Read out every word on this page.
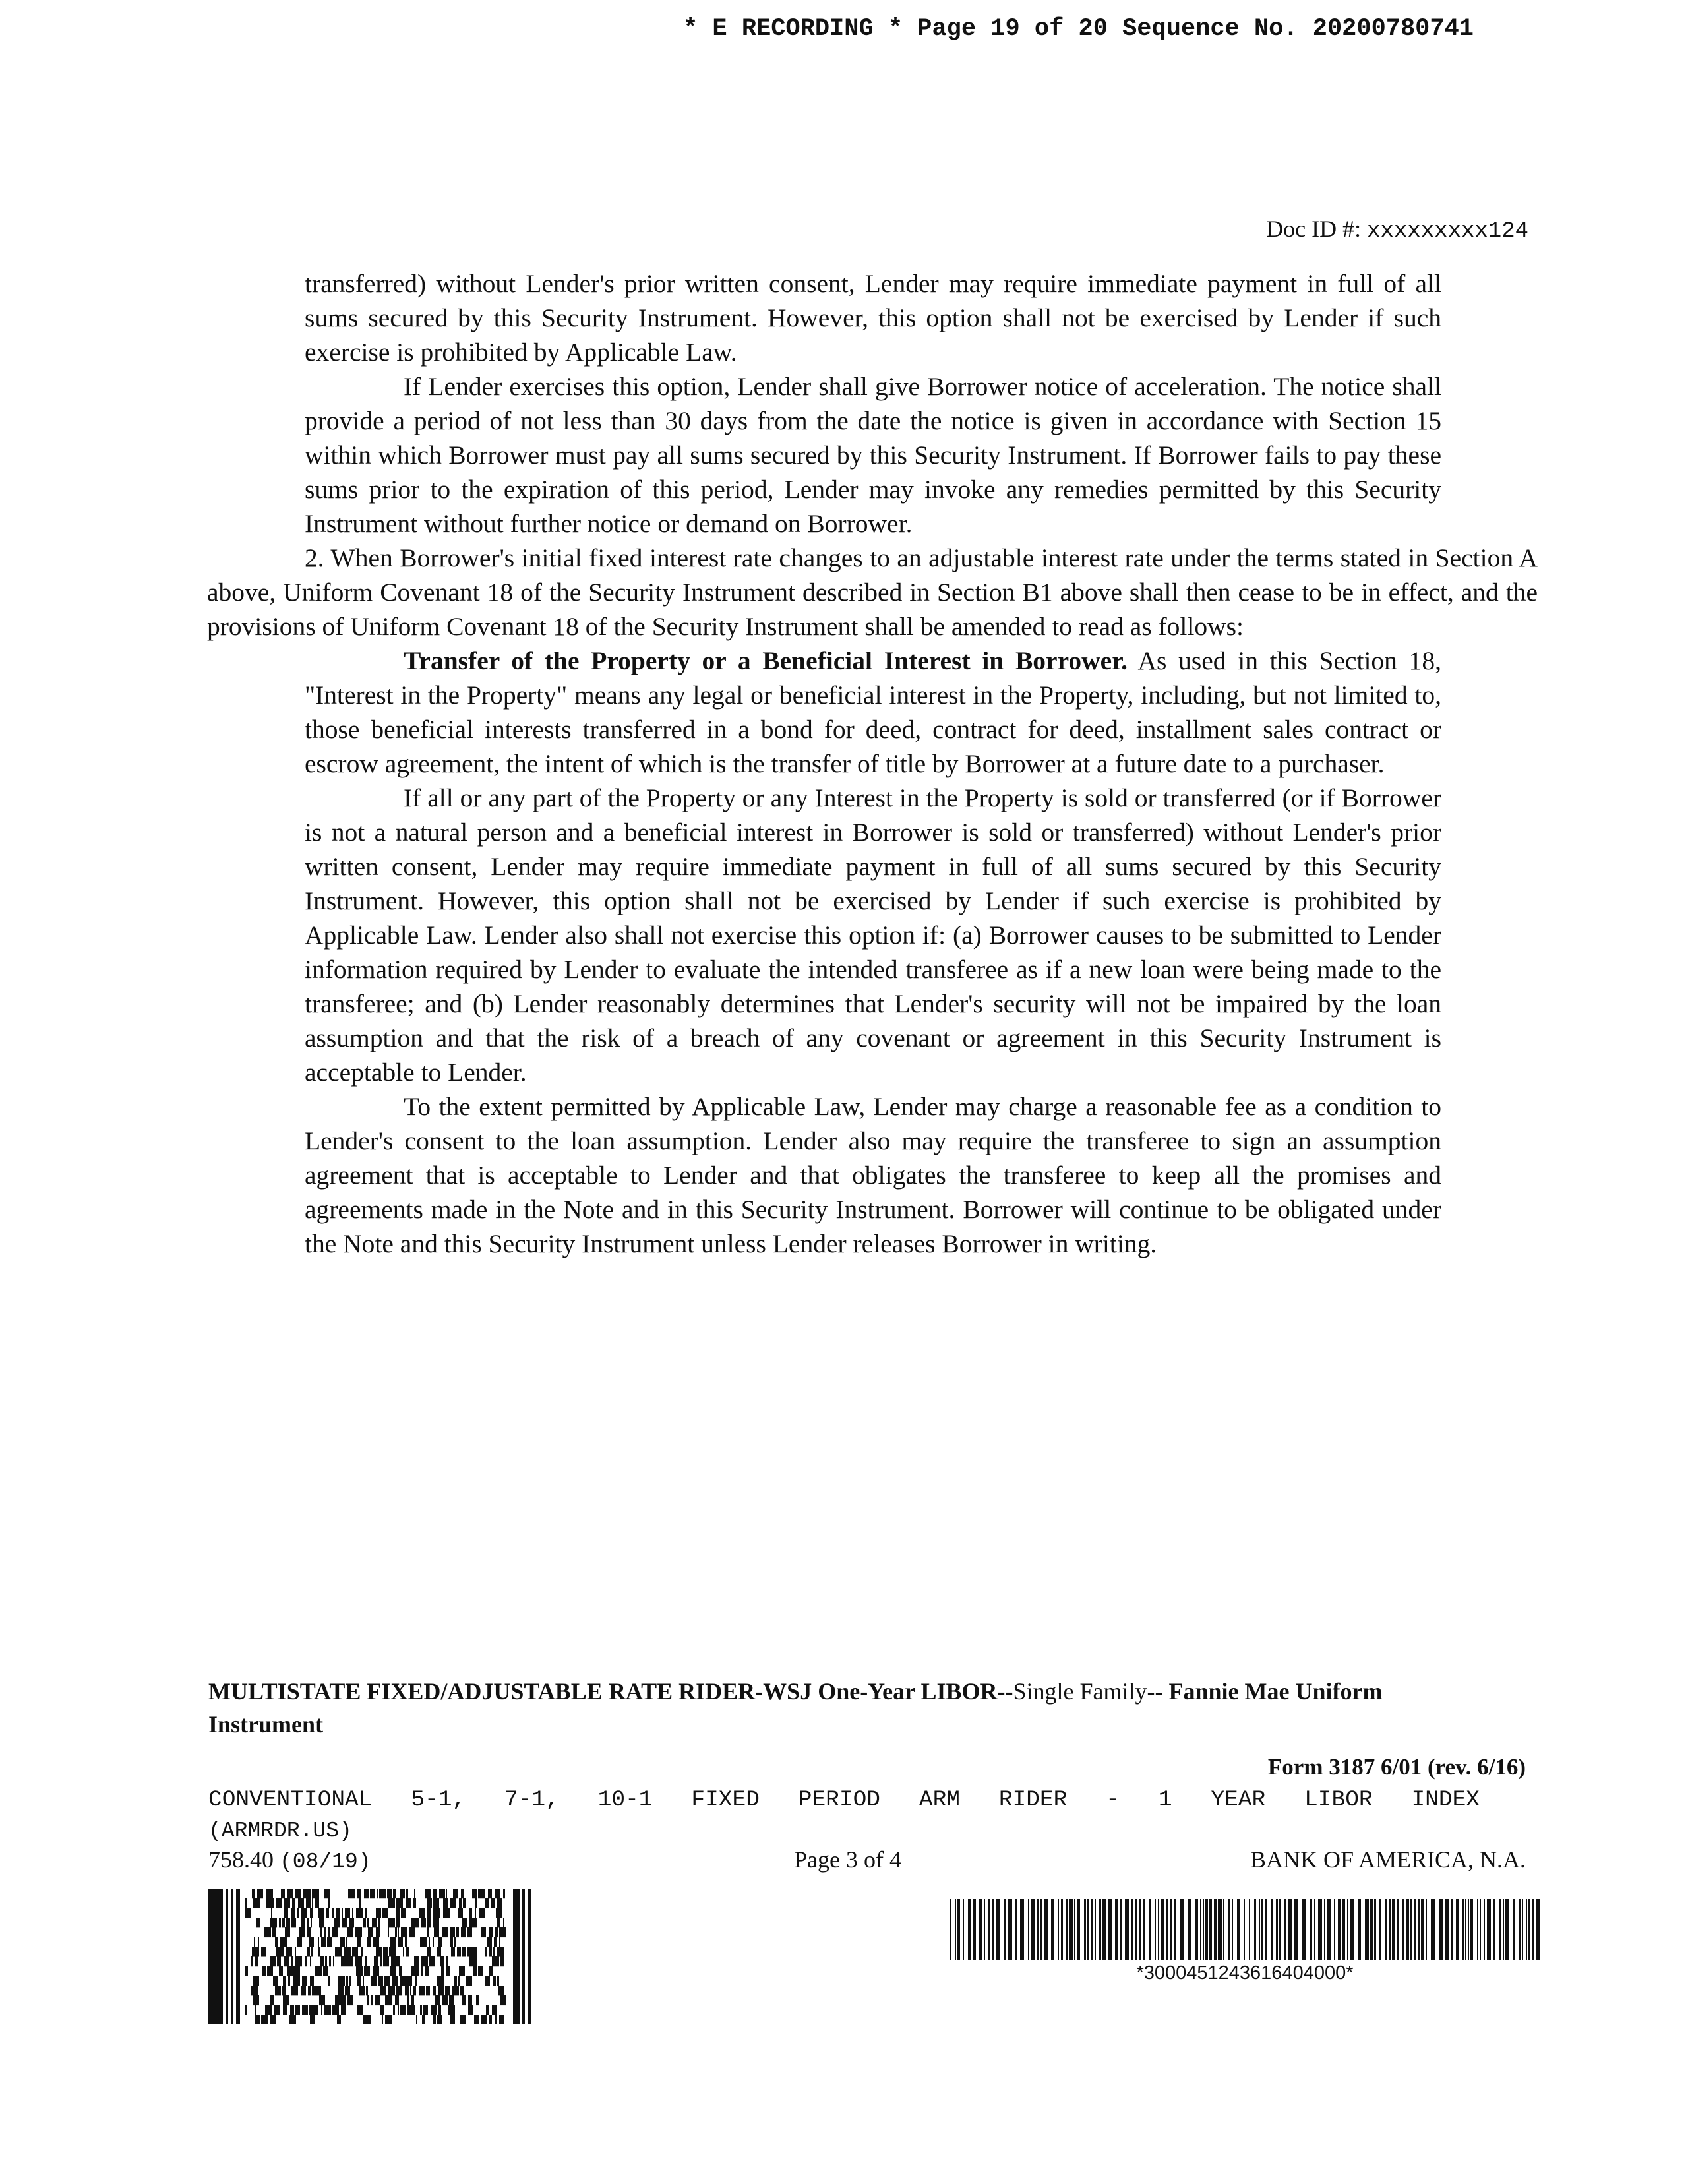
* E RECORDING * Page 19 of 20 Sequence No. 20200780741
Doc ID #: xxxxxxxxx124

transferred) without Lender's prior written consent, Lender may require immediate payment in full of all sums secured by this Security Instrument. However, this option shall not be exercised by Lender if such exercise is prohibited by Applicable Law.

If Lender exercises this option, Lender shall give Borrower notice of acceleration. The notice shall provide a period of not less than 30 days from the date the notice is given in accordance with Section 15 within which Borrower must pay all sums secured by this Security Instrument. If Borrower fails to pay these sums prior to the expiration of this period, Lender may invoke any remedies permitted by this Security Instrument without further notice or demand on Borrower.

2. When Borrower's initial fixed interest rate changes to an adjustable interest rate under the terms stated in Section A above, Uniform Covenant 18 of the Security Instrument described in Section B1 above shall then cease to be in effect, and the provisions of Uniform Covenant 18 of the Security Instrument shall be amended to read as follows:

Transfer of the Property or a Beneficial Interest in Borrower. As used in this Section 18, "Interest in the Property" means any legal or beneficial interest in the Property, including, but not limited to, those beneficial interests transferred in a bond for deed, contract for deed, installment sales contract or escrow agreement, the intent of which is the transfer of title by Borrower at a future date to a purchaser.

If all or any part of the Property or any Interest in the Property is sold or transferred (or if Borrower is not a natural person and a beneficial interest in Borrower is sold or transferred) without Lender's prior written consent, Lender may require immediate payment in full of all sums secured by this Security Instrument. However, this option shall not be exercised by Lender if such exercise is prohibited by Applicable Law. Lender also shall not exercise this option if: (a) Borrower causes to be submitted to Lender information required by Lender to evaluate the intended transferee as if a new loan were being made to the transferee; and (b) Lender reasonably determines that Lender's security will not be impaired by the loan assumption and that the risk of a breach of any covenant or agreement in this Security Instrument is acceptable to Lender.

To the extent permitted by Applicable Law, Lender may charge a reasonable fee as a condition to Lender's consent to the loan assumption. Lender also may require the transferee to sign an assumption agreement that is acceptable to Lender and that obligates the transferee to keep all the promises and agreements made in the Note and in this Security Instrument. Borrower will continue to be obligated under the Note and this Security Instrument unless Lender releases Borrower in writing.

MULTISTATE FIXED/ADJUSTABLE RATE RIDER-WSJ One-Year LIBOR--Single Family-- Fannie Mae Uniform Instrument
Form 3187 6/01 (rev. 6/16)
CONVENTIONAL 5-1, 7-1, 10-1 FIXED PERIOD ARM RIDER - 1 YEAR LIBOR INDEX
(ARMRDR.US)
758.40 (08/19)	Page 3 of 4	BANK OF AMERICA, N.A.
*3000451243616404000*
